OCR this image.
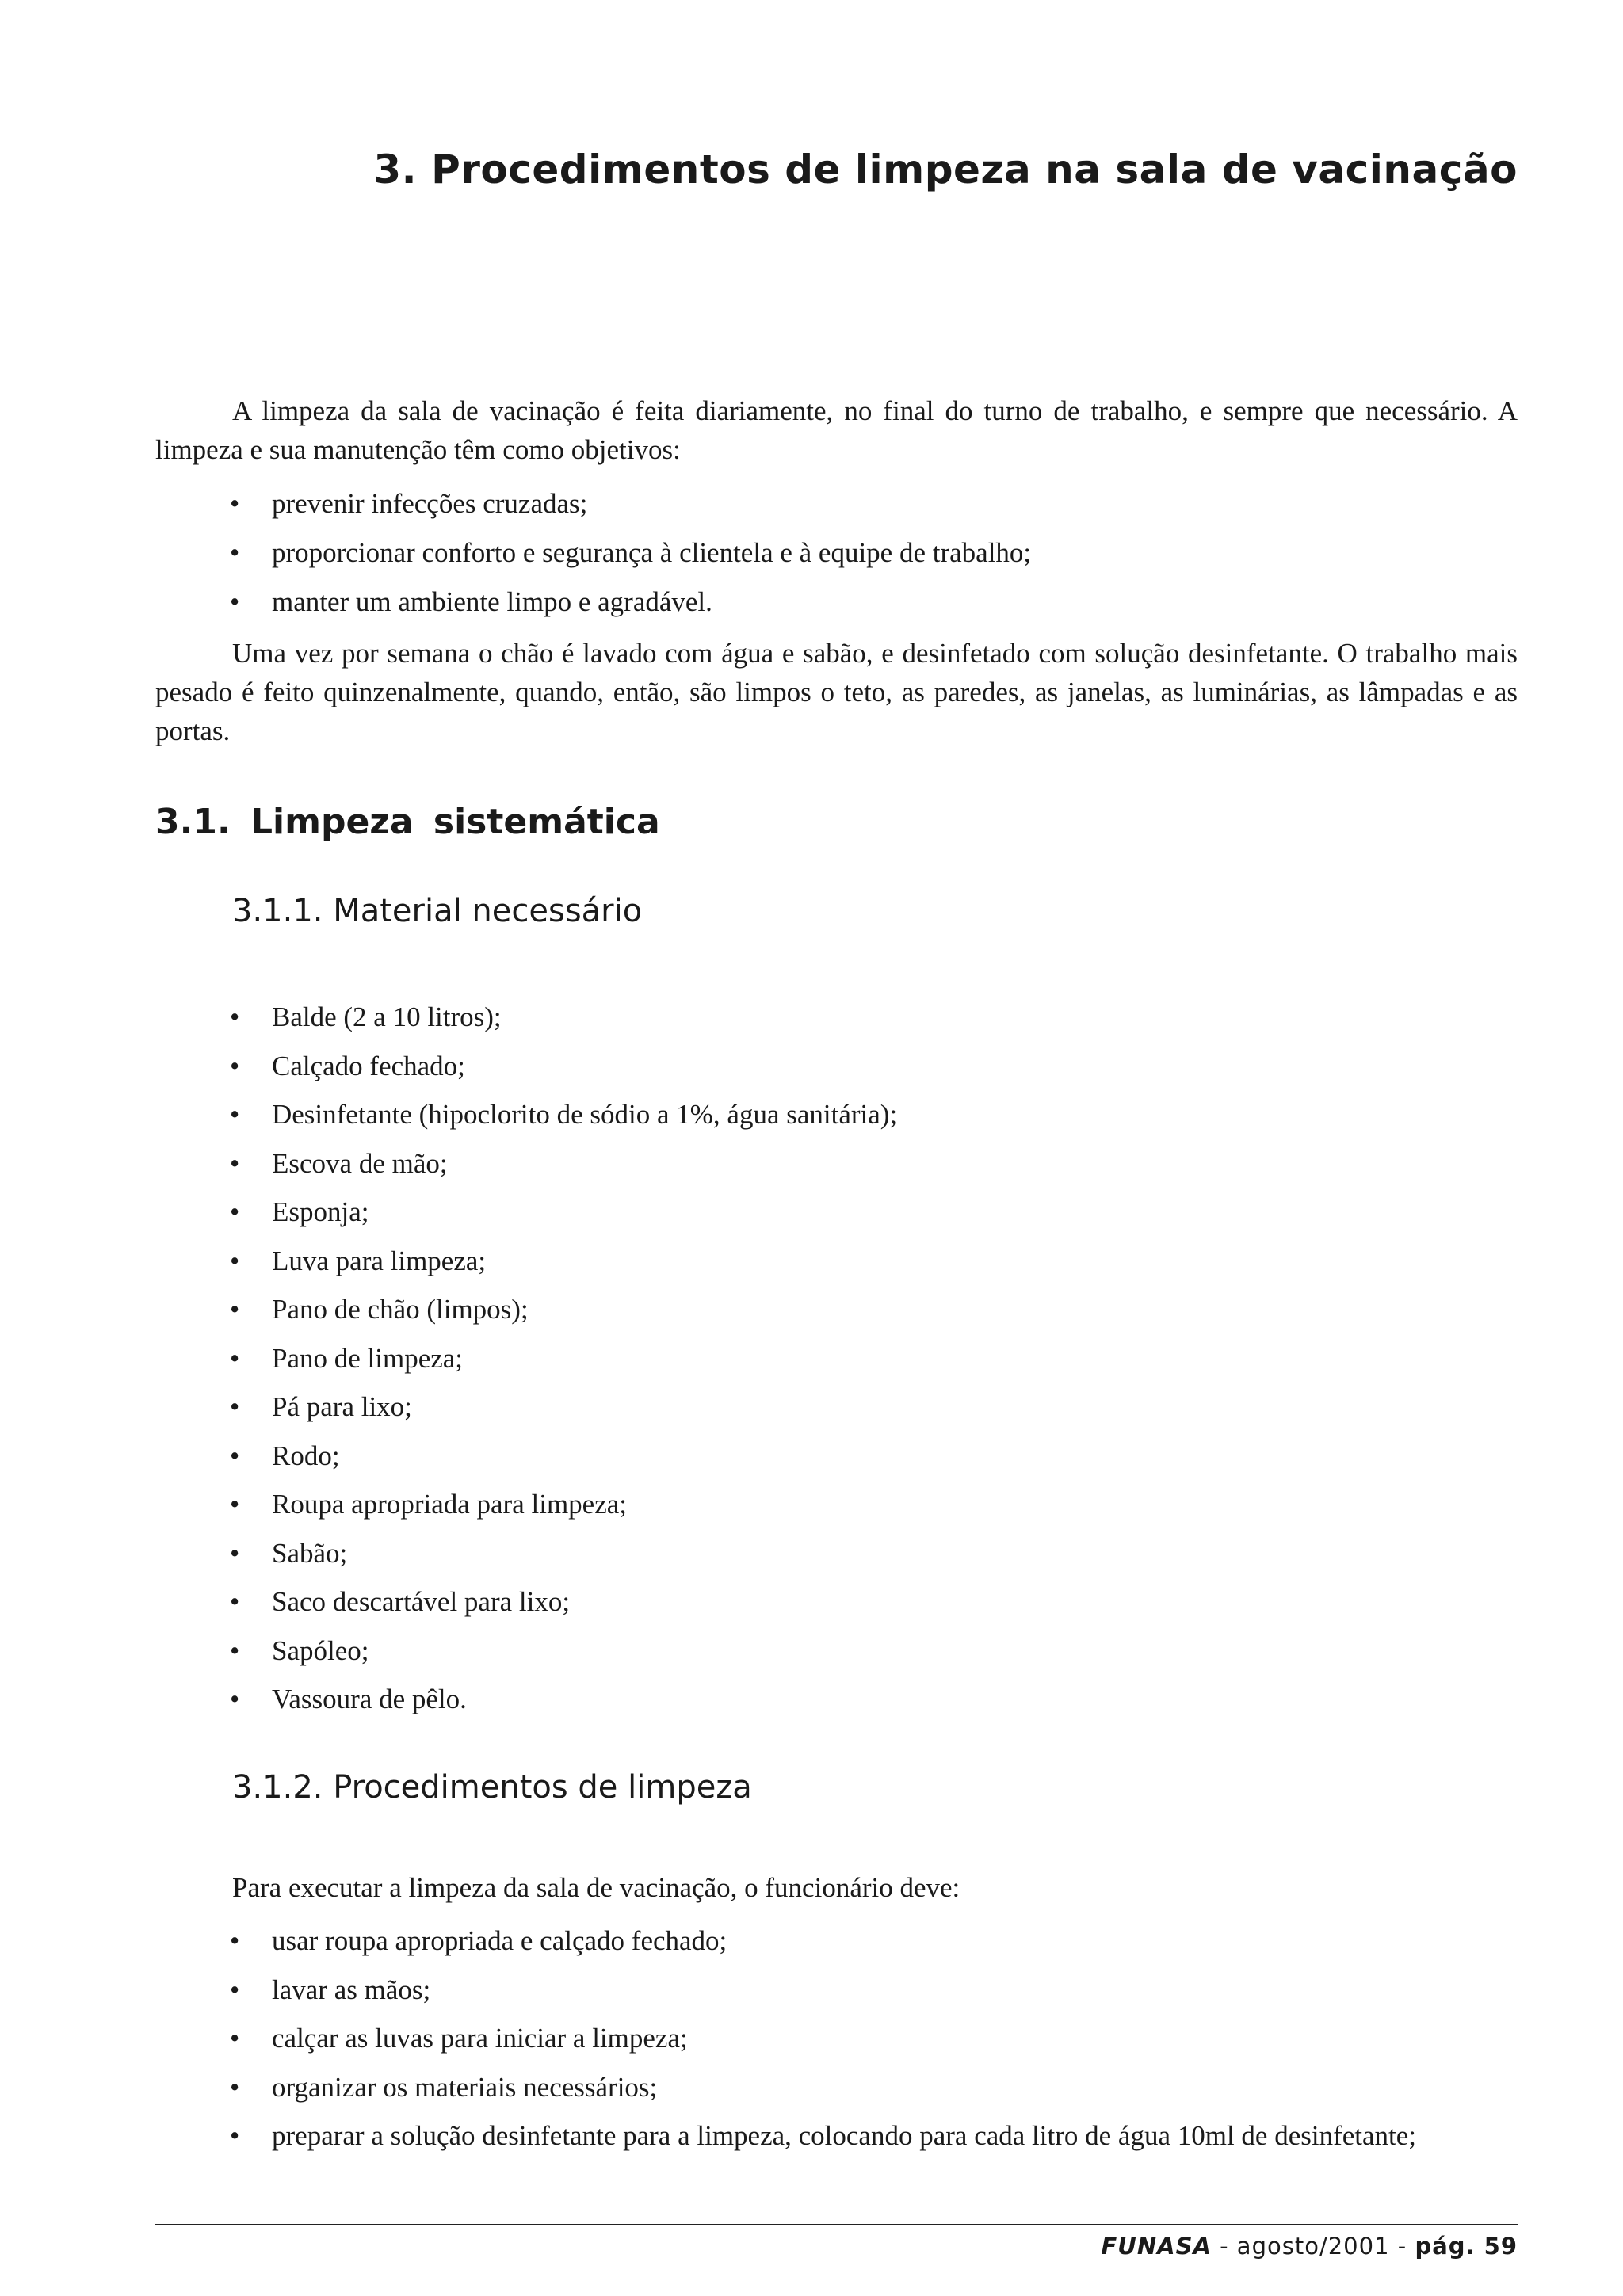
3. Procedimentos de limpeza na sala de vacinação

A limpeza da sala de vacinação é feita diariamente, no final do turno de trabalho, e sempre que necessário. A limpeza e sua manutenção têm como objetivos:

• prevenir infecções cruzadas;
• proporcionar conforto e segurança à clientela e à equipe de trabalho;
• manter um ambiente limpo e agradável.

Uma vez por semana o chão é lavado com água e sabão, e desinfetado com solução desinfetante. O trabalho mais pesado é feito quinzenalmente, quando, então, são limpos o teto, as paredes, as janelas, as luminárias, as lâmpadas e as portas.

3.1. Limpeza sistemática
3.1.1. Material necessário
• Balde (2 a 10 litros);
• Calçado fechado;
• Desinfetante (hipoclorito de sódio a 1%, água sanitária);
• Escova de mão;
• Esponja;
• Luva para limpeza;
• Pano de chão (limpos);
• Pano de limpeza;
• Pá para lixo;
• Rodo;
• Roupa apropriada para limpeza;
• Sabão;
• Saco descartável para lixo;
• Sapóleo;
• Vassoura de pêlo.
3.1.2. Procedimentos de limpeza

Para executar a limpeza da sala de vacinação, o funcionário deve:

• usar roupa apropriada e calçado fechado;
• lavar as mãos;
• calçar as luvas para iniciar a limpeza;
• organizar os materiais necessários;
• preparar a solução desinfetante para a limpeza, colocando para cada litro de água 10ml de desinfetante;
FUNASA - agosto/2001 - pág. 59
